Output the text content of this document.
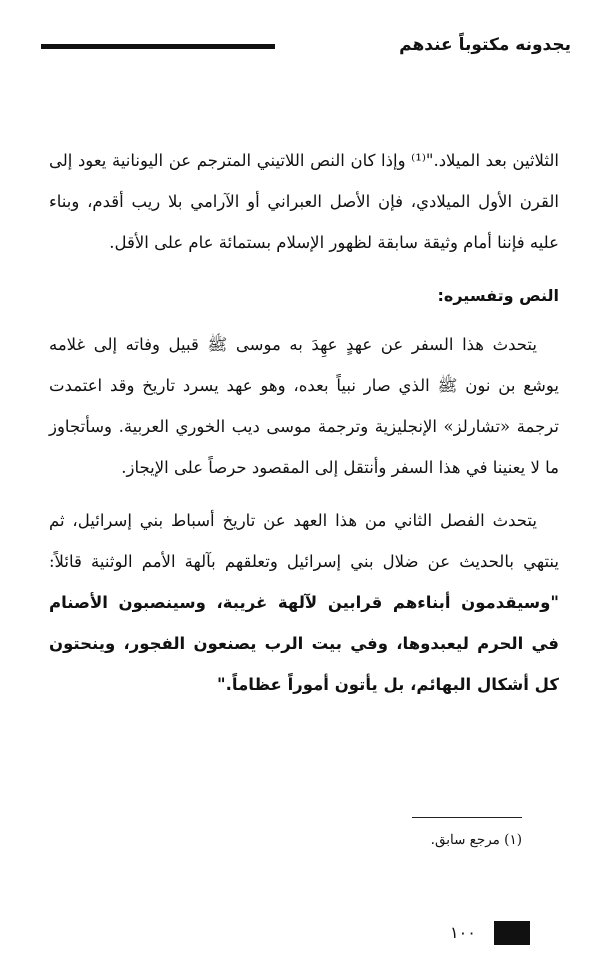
يجدونه مكتوباً عندهم

الثلاثين بعد الميلاد."⁽¹⁾ وإذا كان النص اللاتيني المترجم عن اليونانية يعود إلى القرن الأول الميلادي، فإن الأصل العبراني أو الآرامي بلا ريب أقدم، وبناء عليه فإننا أمام وثيقة سابقة لظهور الإسلام بستمائة عام على الأقل.

النص وتفسيره:

يتحدث هذا السفر عن عهدٍ عهِدَ به موسى ﷺ قبيل وفاته إلى غلامه يوشع بن نون ﷺ الذي صار نبياً بعده، وهو عهد يسرد تاريخ وقد اعتمدت ترجمة «تشارلز» الإنجليزية وترجمة موسى ديب الخوري العربية. وسأتجاوز ما لا يعنينا في هذا السفر وأنتقل إلى المقصود حرصاً على الإيجاز.

يتحدث الفصل الثاني من هذا العهد عن تاريخ أسباط بني إسرائيل، ثم ينتهي بالحديث عن ضلال بني إسرائيل وتعلقهم بآلهة الأمم الوثنية قائلاً: "وسيقدمون أبناءهم قرابين لآلهة غريبة، وسينصبون الأصنام في الحرم ليعبدوها، وفي بيت الرب يصنعون الفجور، وينحتون كل أشكال البهائم، بل يأتون أموراً عظاماً."

(١) مرجع سابق.
١٠٠
